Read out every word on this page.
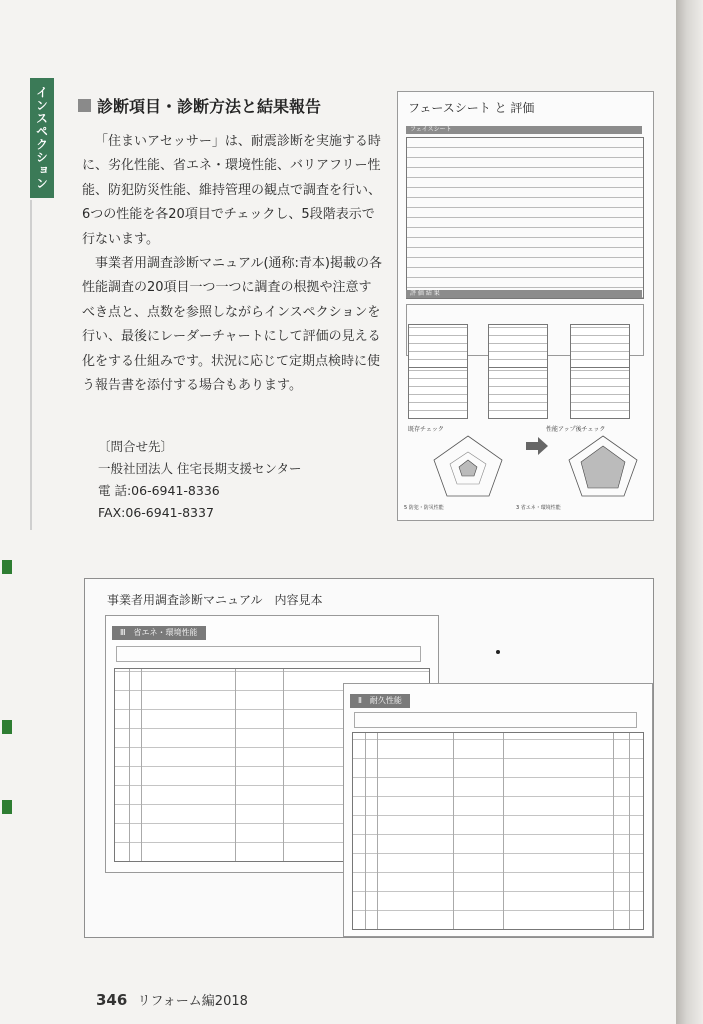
インスペクション	診断項目・診断方法と結果報告

「住まいアセッサー」は、耐震診断を実施する時に、劣化性能、省エネ・環境性能、バリアフリー性能、防犯防災性能、維持管理の観点で調査を行い、6つの性能を各20項目でチェックし、5段階表示で行ないます。

事業者用調査診断マニュアル(通称:青本)掲載の各性能調査の20項目一つ一つに調査の根拠や注意すべき点と、点数を参照しながらインスペクションを行い、最後にレーダーチャートにして評価の見える化をする仕組みです。状況に応じて定期点検時に使う報告書を添付する場合もあります。

〔問合せ先〕
一般社団法人 住宅長期支援センター
電 話:06-6941-8336
FAX:06-6941-8337
フェースシート と 評価
フェイスシート
評 価 結 果
既存チェック	性能アップ後チェック
5 防犯・防災性能	3 省エネ・環境性能
事業者用調査診断マニュアル　内容見本
Ⅲ　省エネ・環境性能
Ⅱ　耐久性能
346 リフォーム編2018
